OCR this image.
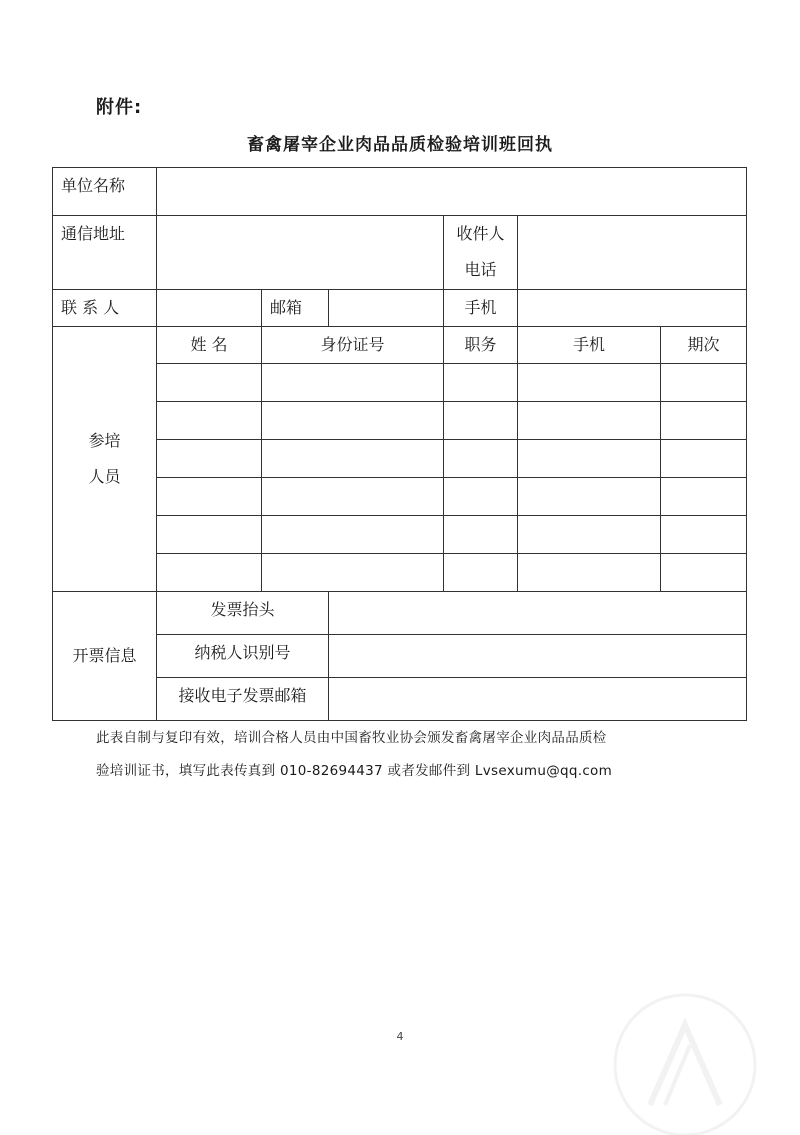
附件:
畜禽屠宰企业肉品品质检验培训班回执
单位名称						
通信地址				收件人
电话		

联 系 人		邮箱		手机		

参培
人员	姓 名	身份证号		职务	手机	期次

开票信息	发票抬头					
	纳税人识别号					
	接收电子发票邮箱					
此表自制与复印有效，培训合格人员由中国畜牧业协会颁发畜禽屠宰企业肉品品质检
验培训证书，填写此表传真到 010-82694437 或者发邮件到 Lvsexumu@qq.com
4
